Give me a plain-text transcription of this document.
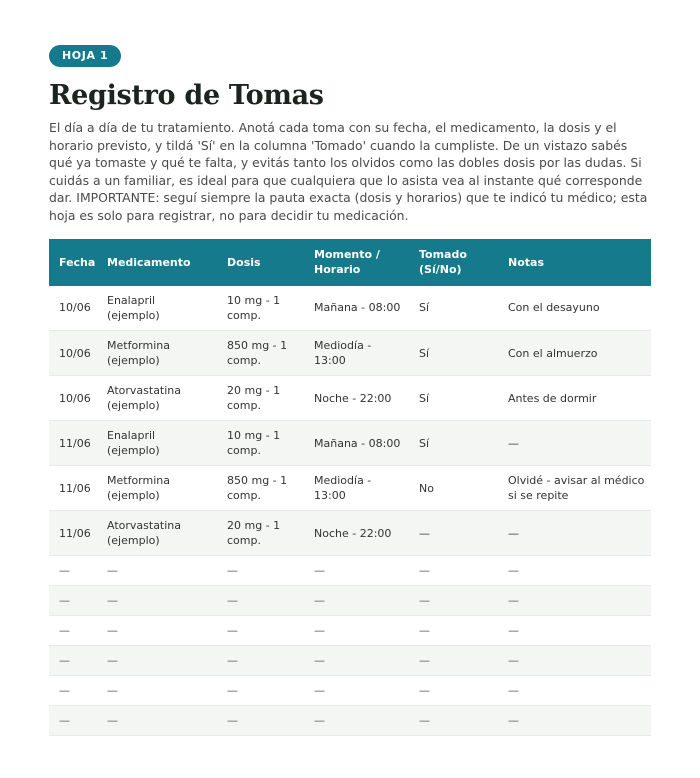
HOJA 1
Registro de Tomas

El día a día de tu tratamiento. Anotá cada toma con su fecha, el medicamento, la dosis y el horario previsto, y tildá 'Sí' en la columna 'Tomado' cuando la cumpliste. De un vistazo sabés qué ya tomaste y qué te falta, y evitás tanto los olvidos como las dobles dosis por las dudas. Si cuidás a un familiar, es ideal para que cualquiera que lo asista vea al instante qué corresponde dar. IMPORTANTE: seguí siempre la pauta exacta (dosis y horarios) que te indicó tu médico; esta hoja es solo para registrar, no para decidir tu medicación.

Fecha	Medicamento	Dosis	Momento / Horario	Tomado (Sí/No)	Notas
10/06	Enalapril (ejemplo)	10 mg - 1 comp.	Mañana - 08:00	Sí	Con el desayuno
10/06	Metformina (ejemplo)	850 mg - 1 comp.	Mediodía - 13:00	Sí	Con el almuerzo
10/06	Atorvastatina (ejemplo)	20 mg - 1 comp.	Noche - 22:00	Sí	Antes de dormir
11/06	Enalapril (ejemplo)	10 mg - 1 comp.	Mañana - 08:00	Sí	—
11/06	Metformina (ejemplo)	850 mg - 1 comp.	Mediodía - 13:00	No	Olvidé - avisar al médico si se repite
11/06	Atorvastatina (ejemplo)	20 mg - 1 comp.	Noche - 22:00	—	—
—	—	—	—	—	—
—	—	—	—	—	—
—	—	—	—	—	—
—	—	—	—	—	—
—	—	—	—	—	—
—	—	—	—	—	—
